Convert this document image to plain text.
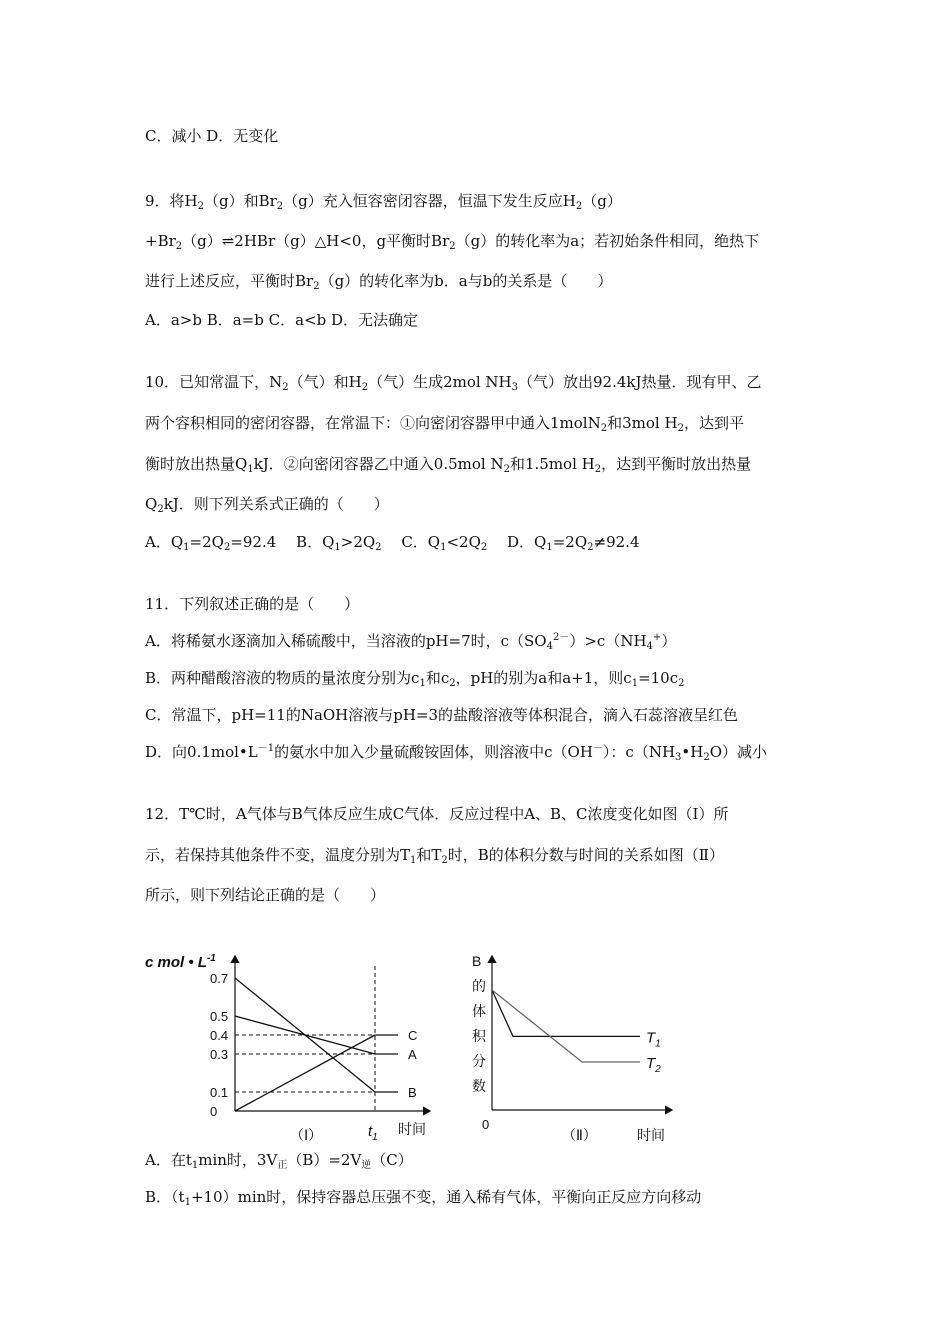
C．减小 D．无变化
9．将$H_2(g)$和$Br_2(g)$充入恒容密闭容器，恒温下发生反应$H_2(g)$
$+Br_2(g)\rightleftharpoons 2HBr(g)\triangle H<0$，g平衡时$Br_2(g)$的转化率为a；若初始条件相同，绝热下
进行上述反应，平衡时$Br_2(g)$的转化率为b．a与b的关系是（　　）
A．a>b B．a=b C．a<b D．无法确定
10．已知常温下，$N_2$（气）和$H_2$（气）生成2mol $NH_3$（气）放出92.4kJ热量．现有甲、乙
两个容积相同的密闭容器，在常温下：①向密闭容器甲中通入1molN$_2$和3mol $H_2$，达到平
衡时放出热量$Q_1kJ$．②向密闭容器乙中通入0.5mol $N_2$和1.5mol $H_2$，达到平衡时放出热量
$Q_2kJ$．则下列关系式正确的（　　）
A．$Q_1=2Q_2=92.4$　 B．$Q_1>2Q_2$　 C．$Q_1<2Q_2$　 D．$Q_1=2Q_2\ne 92.4$
11．下列叙述正确的是（　　）
A．将稀氨水逐滴加入稀硫酸中，当溶液的pH=7时，$c(SO_4^{2-})>c(NH_4^+)$
B．两种醋酸溶液的物质的量浓度分别为$c_1$和$c_2$，pH的别为a和a+1，则$c_1=10c_2$
C．常温下，pH=11的NaOH溶液与pH=3的盐酸溶液等体积混合，滴入石蕊溶液呈红色
D．向$0.1mol•L^{-1}$的氨水中加入少量硫酸铵固体，则溶液中c（OH－）：$c(NH_3•H_2O)$减小
12．T℃时，A气体与B气体反应生成C气体．反应过程中A、B、C浓度变化如图（Ⅰ）所
示，若保持其他条件不变，温度分别为$T_1$和$T_2$时，B的体积分数与时间的关系如图（Ⅱ）
所示，则下列结论正确的是（　　）
c mol • $L^{-1}$
0.7
0.5
0.4
0.3
0.1
0
A
B
C
$t_1$
时间
（Ⅰ）
B
的
体
积
分
数
$T_1$
$T_2$
0
（Ⅱ）	时间
A．在$t_1\min$时，$3V_正(B)=2V_逆(C)$
B．$(t_1+10)\min$时，保持容器总压强不变，通入稀有气体，平衡向正反应方向移动
